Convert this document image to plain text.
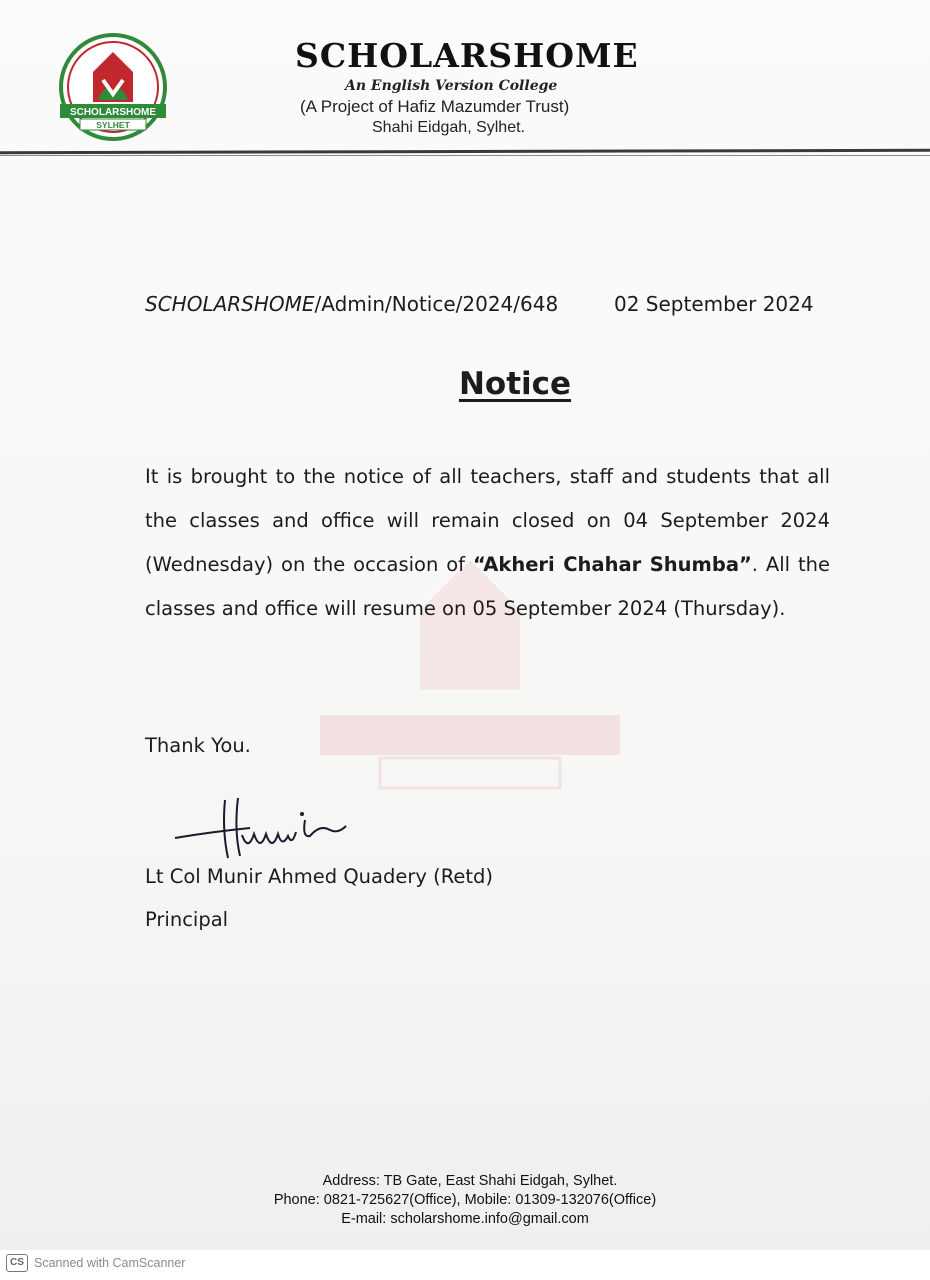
SCHOLARSHOME
SYLHET
SCHOLARSHOME
An English Version College
(A Project of Hafiz Mazumder Trust)
Shahi Eidgah, Sylhet.
SCHOLARSHOME/Admin/Notice/2024/648	02 September 2024
Notice
It is brought to the notice of all teachers, staff and students that all the classes and office will remain closed on 04 September 2024 (Wednesday) on the occasion of “Akheri Chahar Shumba”. All the classes and office will resume on 05 September 2024 (Thursday).
Thank You.
Lt Col Munir Ahmed Quadery (Retd)
Principal
Address: TB Gate, East Shahi Eidgah, Sylhet.
Phone: 0821-725627(Office), Mobile: 01309-132076(Office)
E-mail: scholarshome.info@gmail.com
CS Scanned with CamScanner
